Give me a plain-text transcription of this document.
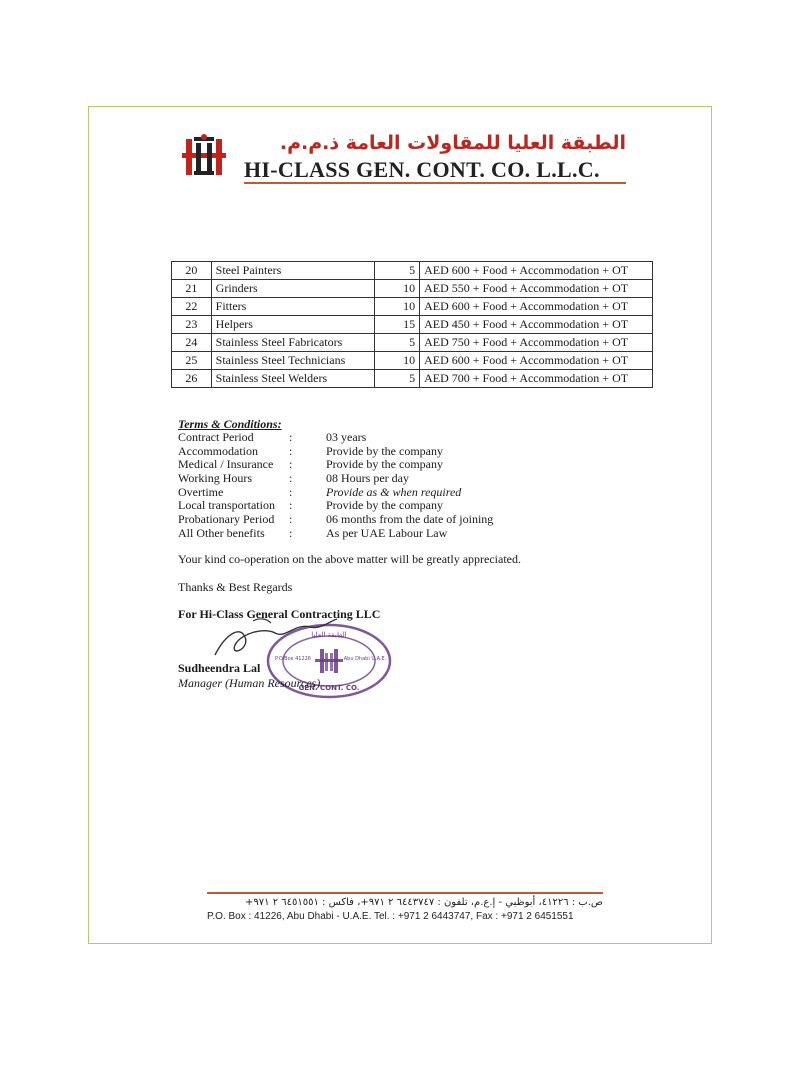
الطبقة العليا للمقاولات العامة ذ.م.م.
HI-CLASS GEN. CONT. CO. L.L.C.
20	Steel Painters	5	AED 600 + Food + Accommodation + OT
21	Grinders	10	AED 550 + Food + Accommodation + OT
22	Fitters	10	AED 600 + Food + Accommodation + OT
23	Helpers	15	AED 450 + Food + Accommodation + OT
24	Stainless Steel Fabricators	5	AED 750 + Food + Accommodation + OT
25	Stainless Steel Technicians	10	AED 600 + Food + Accommodation + OT
26	Stainless Steel Welders	5	AED 700 + Food + Accommodation + OT
Terms & Conditions:
Contract Period	:	03 years
Accommodation	:	Provide by the company
Medical / Insurance :	Provide by the company
Working Hours	:	08 Hours per day
Overtime	:	Provide as & when required
Local transportation :	Provide by the company
Probationary Period :	06 months from the date of joining
All Other benefits :	As per UAE Labour Law
Your kind co-operation on the above matter will be greatly appreciated.
Thanks & Best Regards
For Hi-Class General Contracting LLC
الطبقة العليا
P.O.Box 41226	Abu Dhabi U.A.E.
GEN. CONT. CO.
Sudheendra Lal
Manager (Human Resources)
ص.ب : ٤١٢٢٦، أبوظبي - إ.ع.م، تلفون : ٦٤٤٣٧٤٧ ٢ ٩٧١+، فاكس : ٦٤٥١٥٥١ ٢ ٩٧١+
P.O. Box : 41226, Abu Dhabi - U.A.E. Tel. : +971 2 6443747, Fax : +971 2 6451551
